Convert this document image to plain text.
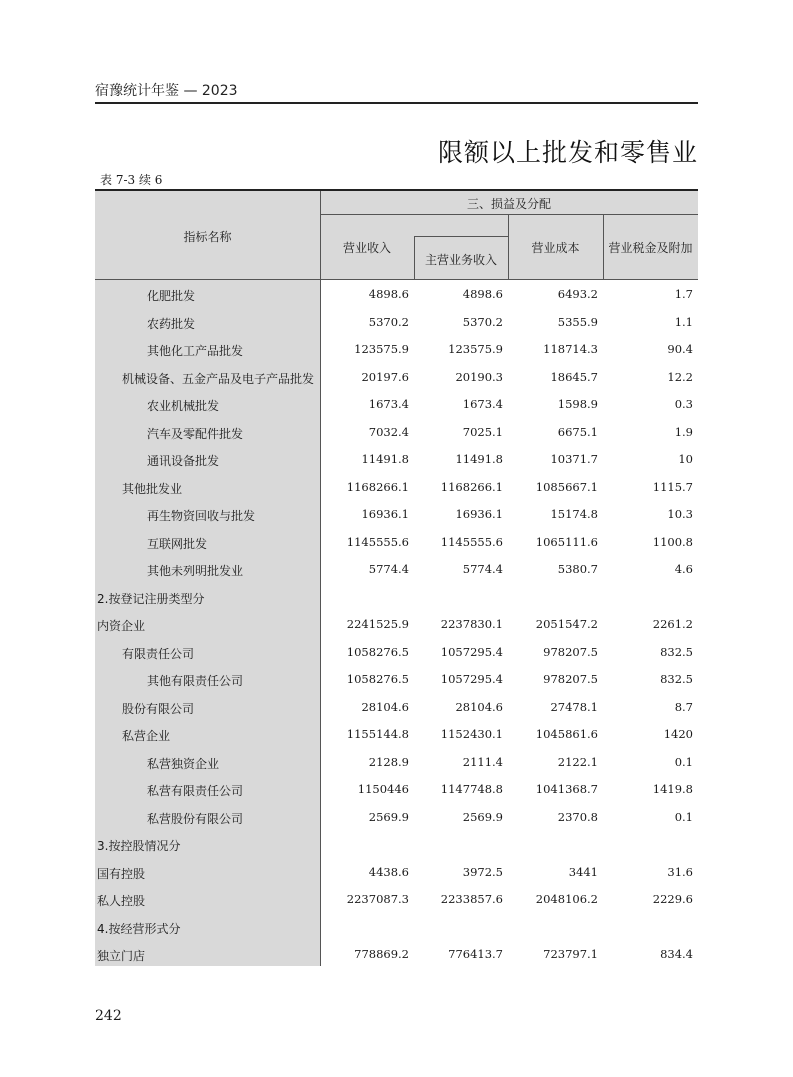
宿豫统计年鉴 — 2023
限额以上批发和零售业
表 7-3 续 6
指标名称
三、损益及分配
营业收入
主营业务收入
营业成本	营业税金及附加
化肥批发	4898.6	4898.6	6493.2	1.7
农药批发	5370.2	5370.2	5355.9	1.1
其他化工产品批发	123575.9	123575.9	118714.3	90.4
机械设备、五金产品及电子产品批发	20197.6	20190.3	18645.7	12.2
农业机械批发	1673.4	1673.4	1598.9	0.3
汽车及零配件批发	7032.4	7025.1	6675.1	1.9
通讯设备批发	11491.8	11491.8	10371.7	10
其他批发业	1168266.1	1168266.1	1085667.1	1115.7
再生物资回收与批发	16936.1	16936.1	15174.8	10.3
互联网批发	1145555.6	1145555.6	1065111.6	1100.8
其他未列明批发业	5774.4	5774.4	5380.7	4.6
2.按登记注册类型分
内资企业	2241525.9	2237830.1	2051547.2	2261.2
有限责任公司	1058276.5	1057295.4	978207.5	832.5
其他有限责任公司	1058276.5	1057295.4	978207.5	832.5
股份有限公司	28104.6	28104.6	27478.1	8.7
私营企业	1155144.8	1152430.1	1045861.6	1420
私营独资企业	2128.9	2111.4	2122.1	0.1
私营有限责任公司	1150446	1147748.8	1041368.7	1419.8
私营股份有限公司	2569.9	2569.9	2370.8	0.1
3.按控股情况分
国有控股	4438.6	3972.5	3441	31.6
私人控股	2237087.3	2233857.6	2048106.2	2229.6
4.按经营形式分
独立门店	778869.2	776413.7	723797.1	834.4
242
